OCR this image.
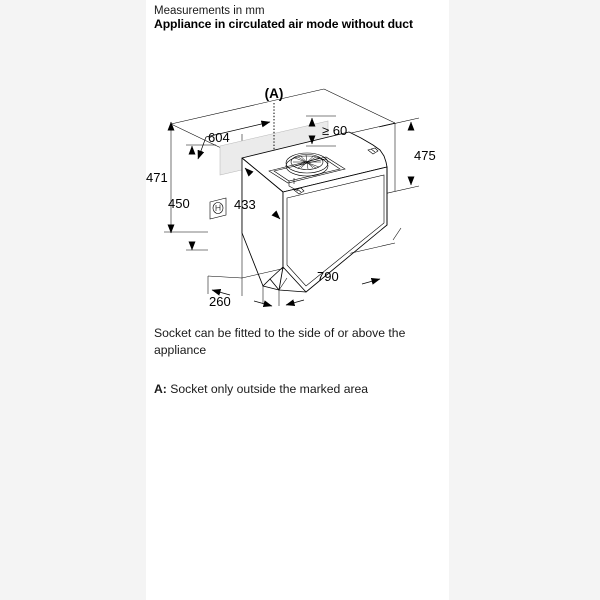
Measurements in mm
Appliance in circulated air mode without duct
(A)
≥ 60
604
471
450	433
475
260
790
Socket can be fitted to the side of or above the appliance
A: Socket only outside the marked area
